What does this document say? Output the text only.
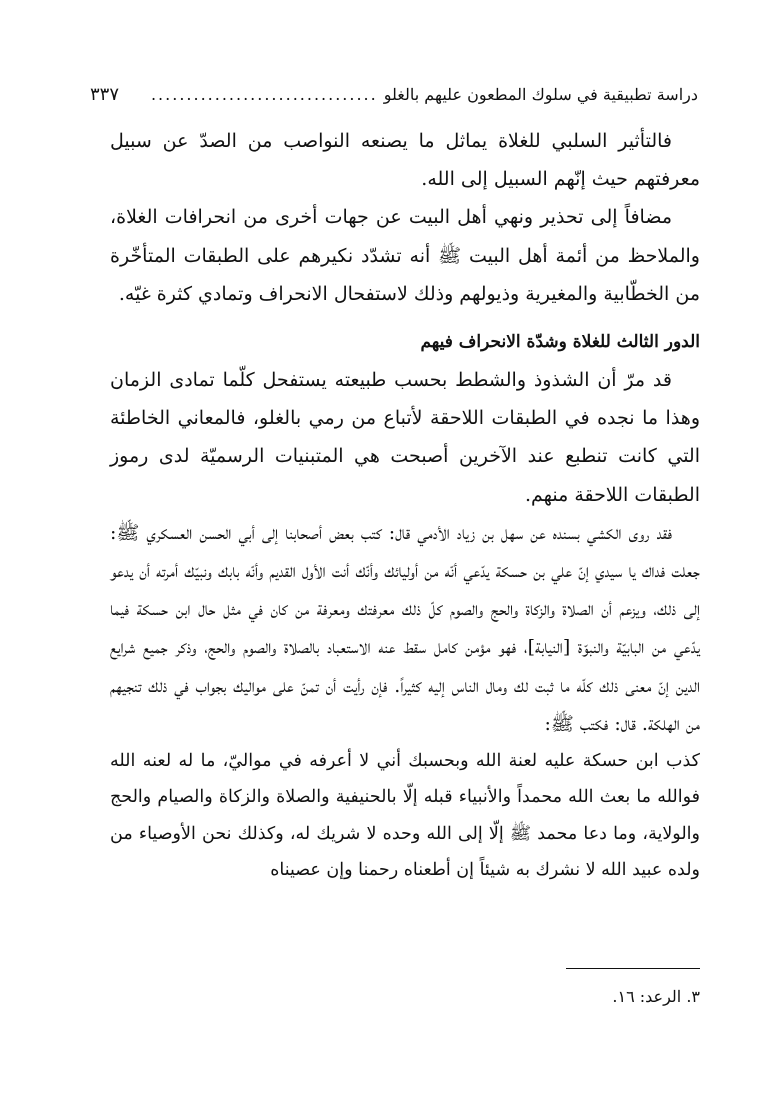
دراسة تطبيقية في سلوك المطعون عليهم بالغلو
................................
٣٣٧

فالتأثير السلبي للغلاة يماثل ما يصنعه النواصب من الصدّ عن سبيل معرفتهم حيث إنّهم السبيل إلى الله.

مضافاً إلى تحذير ونهي أهل البيت عن جهات أخرى من انحرافات الغلاة، والملاحظ من أئمة أهل البيت ﷺ أنه تشدّد نكيرهم على الطبقات المتأخّرة من الخطّابية والمغيرية وذيولهم وذلك لاستفحال الانحراف وتمادي كثرة غيّه.

الدور الثالث للغلاة وشدّة الانحراف فيهم

قد مرّ أن الشذوذ والشطط بحسب طبيعته يستفحل كلّما تمادى الزمان وهذا ما نجده في الطبقات اللاحقة لأتباع من رمي بالغلو، فالمعاني الخاطئة التي كانت تنطبع عند الآخرين أصبحت هي المتبنيات الرسميّة لدى رموز الطبقات اللاحقة منهم.

فقد روى الكشي بسنده عن سهل بن زياد الأدمي قال: كتب بعض أصحابنا إلى أبي الحسن العسكري ﷺ: جعلت فداك يا سيدي إنّ علي بن حسكة يدّعي أنّه من أوليائك وأنّك أنت الأول القديم وأنّه بابك ونبيّك أمرته أن يدعو إلى ذلك، ويزعم أن الصلاة والزكاة والحج والصوم كلّ ذلك معرفتك ومعرفة من كان في مثل حال ابن حسكة فيما يدّعي من البابيّة والنبوّة [النيابة]، فهو مؤمن كامل سقط عنه الاستعباد بالصلاة والصوم والحج، وذكر جميع شرايع الدين إنّ معنى ذلك كلّه ما ثبت لك ومال الناس إليه كثيراً. فإن رأيت أن تمنّ على مواليك بجواب في ذلك تنجيهم من الهلكة. قال: فكتب ﷺ:

كذب ابن حسكة عليه لعنة الله وبحسبك أني لا أعرفه في مواليّ، ما له لعنه الله فوالله ما بعث الله محمداً والأنبياء قبله إلّا بالحنيفية والصلاة والزكاة والصيام والحج والولاية، وما دعا محمد ﷺ إلّا إلى الله وحده لا شريك له، وكذلك نحن الأوصياء من ولده عبيد الله لا نشرك به شيئاً إن أطعناه رحمنا وإن عصيناه

٣. الرعد: ١٦.
